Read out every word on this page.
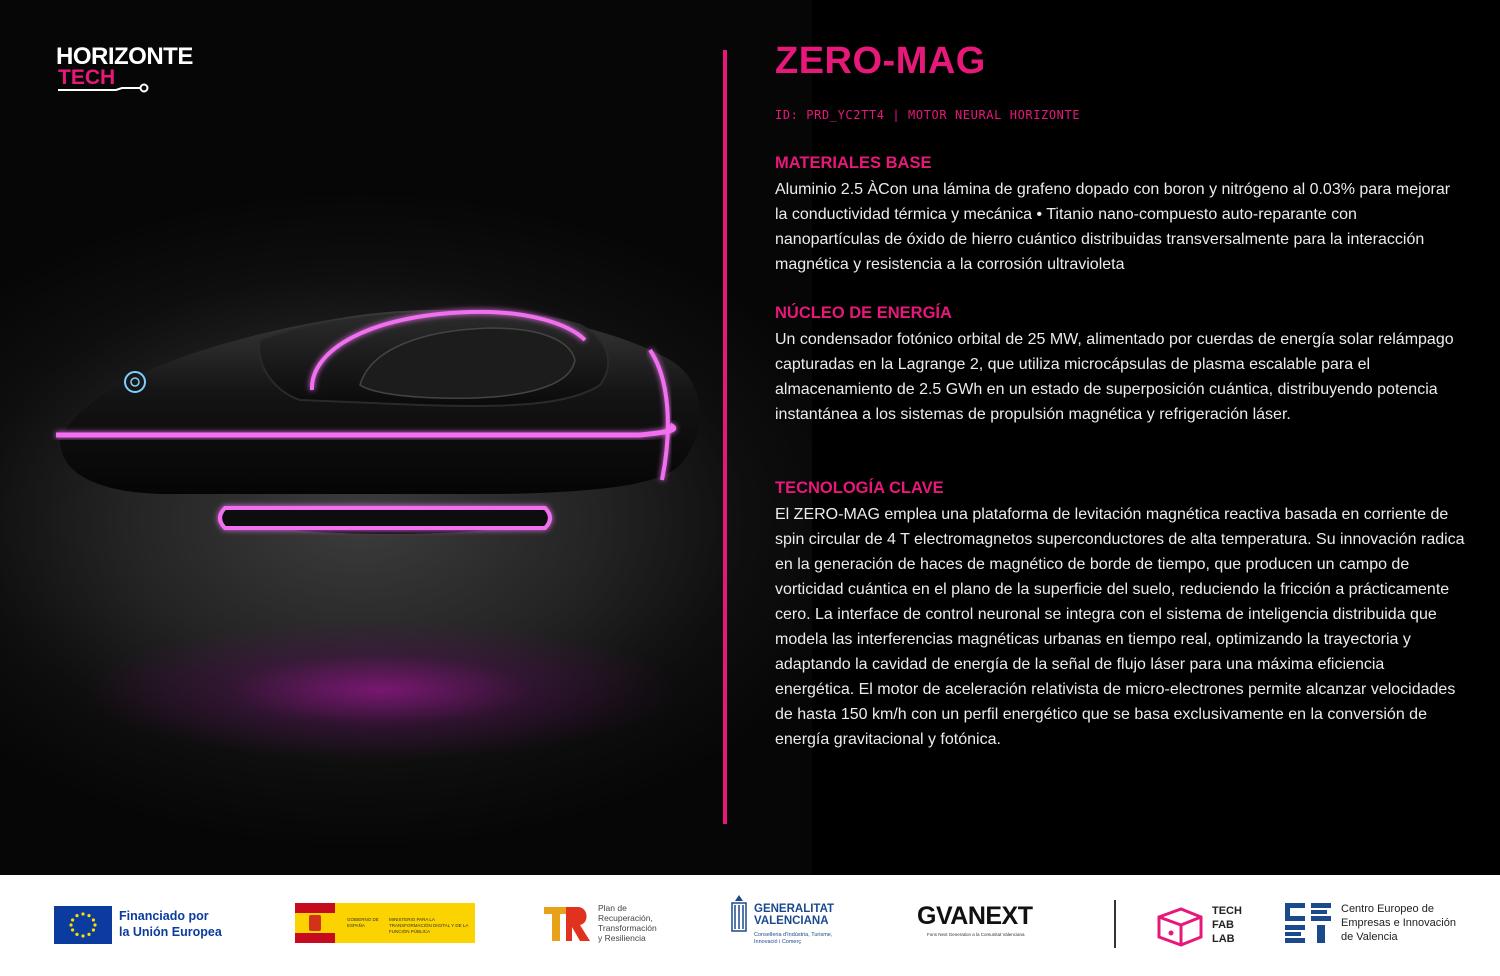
HORIZONTE
TECH	ZERO-MAG
ID: PRD_YC2TT4 | MOTOR NEURAL HORIZONTE
MATERIALES BASE

Aluminio 2.5 ÀCon una lámina de grafeno dopado con boron y nitrógeno al 0.03% para mejorar la conductividad térmica y mecánica • Titanio nano-compuesto auto-reparante con nanopartículas de óxido de hierro cuántico distribuidas transversalmente para la interacción magnética y resistencia a la corrosión ultravioleta

NÚCLEO DE ENERGÍA

Un condensador fotónico orbital de 25 MW, alimentado por cuerdas de energía solar relámpago capturadas en la Lagrange 2, que utiliza microcápsulas de plasma escalable para el almacenamiento de 2.5 GWh en un estado de superposición cuántica, distribuyendo potencia instantánea a los sistemas de propulsión magnética y refrigeración láser.

TECNOLOGÍA CLAVE

El ZERO-MAG emplea una plataforma de levitación magnética reactiva basada en corriente de spin circular de 4 T electromagnetos superconductores de alta temperatura. Su innovación radica en la generación de haces de magnético de borde de tiempo, que producen un campo de vorticidad cuántica en el plano de la superficie del suelo, reduciendo la fricción a prácticamente cero. La interface de control neuronal se integra con el sistema de inteligencia distribuida que modela las interferencias magnéticas urbanas en tiempo real, optimizando la trayectoria y adaptando la cavidad de energía de la señal de flujo láser para una máxima eficiencia energética. El motor de aceleración relativista de micro-electrones permite alcanzar velocidades de hasta 150 km/h con un perfil energético que se basa exclusivamente en la conversión de energía gravitacional y fotónica.

Financiado por
la Unión Europea
GOBIERNO DE ESPAÑA
MINISTERIO PARA LA TRANSFORMACIÓN DIGITAL Y DE LA FUNCIÓN PÚBLICA
Plan de
Recuperación,
Transformación
y Resiliencia
GENERALITAT
VALENCIANA
Conselleria d'Indústria, Turisme,
Innovació i Comerç
GVANEXT
Fons Next Generation a la Comunitat Valenciana
TECH
FAB
LAB
Centro Europeo de
Empresas e Innovación
de Valencia
